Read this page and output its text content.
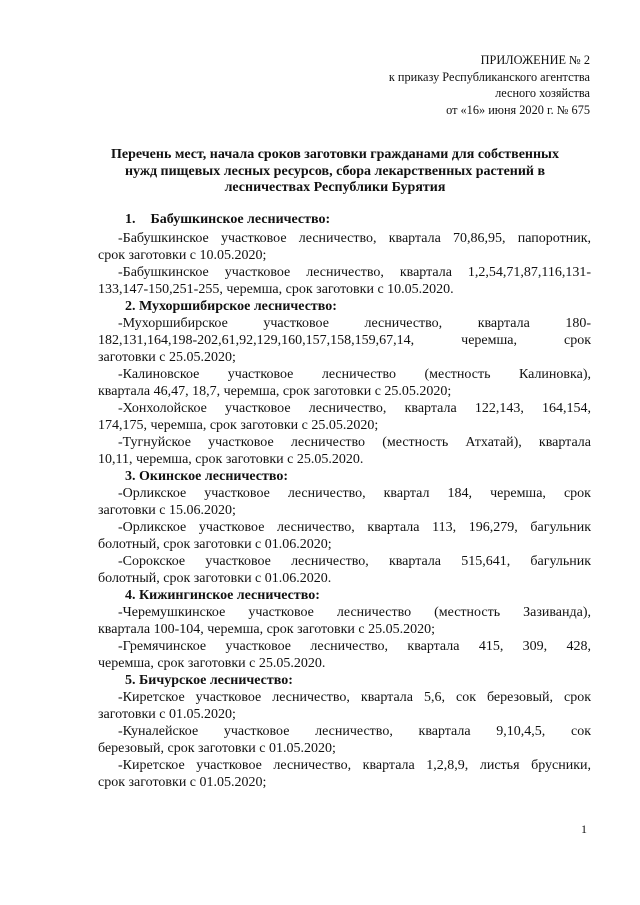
ПРИЛОЖЕНИЕ № 2
к приказу Республиканского агентства
лесного хозяйства
от «16» июня 2020 г. № 675
Перечень мест, начала сроков заготовки гражданами для собственных
нужд пищевых лесных ресурсов, сбора лекарственных растений в
лесничествах Республики Бурятия
1. Бабушкинское лесничество:
-Бабушкинское участковое лесничество, квартала 70,86,95, папоротник,
срок заготовки с 10.05.2020;
-Бабушкинское участковое лесничество, квартала 1,2,54,71,87,116,131-
133,147-150,251-255, черемша, срок заготовки с 10.05.2020.
2. Мухоршибирское лесничество:
-Мухоршибирское участковое лесничество, квартала 180-
182,131,164,198-202,61,92,129,160,157,158,159,67,14, черемша, срок
заготовки с 25.05.2020;
-Калиновское участковое лесничество (местность Калиновка),
квартала 46,47, 18,7, черемша, срок заготовки с 25.05.2020;
-Хонхолойское участковое лесничество, квартала 122,143, 164,154,
174,175, черемша, срок заготовки с 25.05.2020;
-Тугнуйское участковое лесничество (местность Атхатай), квартала
10,11, черемша, срок заготовки с 25.05.2020.
3. Окинское лесничество:
-Орликское участковое лесничество, квартал 184, черемша, срок
заготовки с 15.06.2020;
-Орликское участковое лесничество, квартала 113, 196,279, багульник
болотный, срок заготовки с 01.06.2020;
-Сорокское участковое лесничество, квартала 515,641, багульник
болотный, срок заготовки с 01.06.2020.
4. Кижингинское лесничество:
-Черемушкинское участковое лесничество (местность Зазиванда),
квартала 100-104, черемша, срок заготовки с 25.05.2020;
-Гремячинское участковое лесничество, квартала 415, 309, 428,
черемша, срок заготовки с 25.05.2020.
5. Бичурское лесничество:
-Киретское участковое лесничество, квартала 5,6, сок березовый, срок
заготовки с 01.05.2020;
-Куналейское участковое лесничество, квартала 9,10,4,5, сок
березовый, срок заготовки с 01.05.2020;
-Киретское участковое лесничество, квартала 1,2,8,9, листья брусники,
срок заготовки с 01.05.2020;
1
